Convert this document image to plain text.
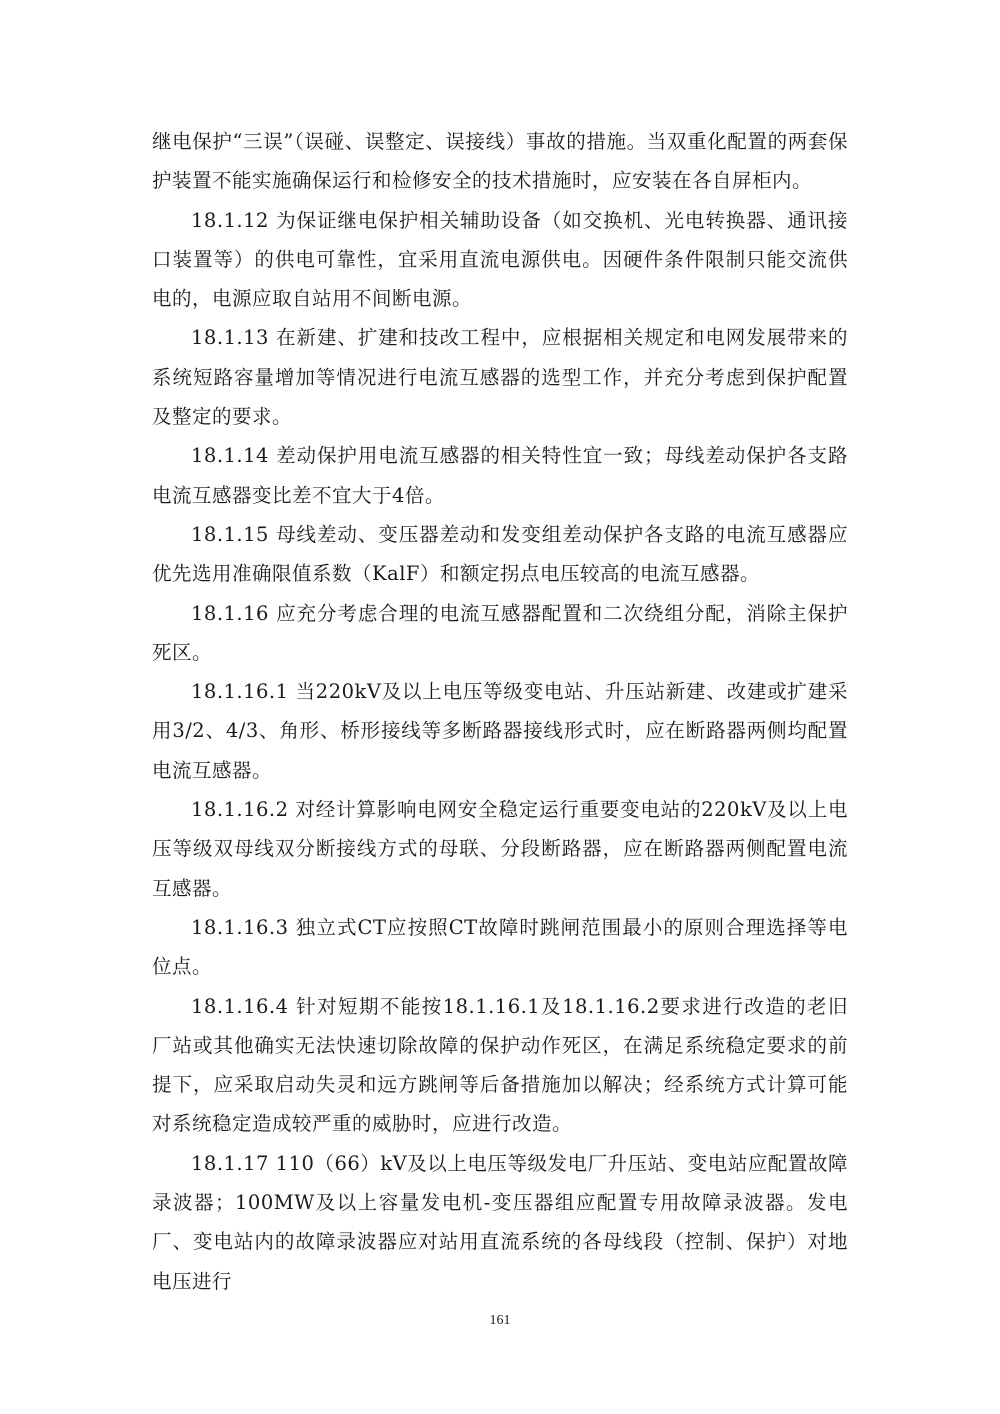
继电保护“三误”（误碰、误整定、误接线）事故的措施。当双重化配置的两套保护装置不能实施确保运行和检修安全的技术措施时，应安装在各自屏柜内。

18.1.12 为保证继电保护相关辅助设备（如交换机、光电转换器、通讯接口装置等）的供电可靠性，宜采用直流电源供电。因硬件条件限制只能交流供电的，电源应取自站用不间断电源。

18.1.13 在新建、扩建和技改工程中，应根据相关规定和电网发展带来的系统短路容量增加等情况进行电流互感器的选型工作，并充分考虑到保护配置及整定的要求。

18.1.14 差动保护用电流互感器的相关特性宜一致；母线差动保护各支路电流互感器变比差不宜大于4倍。

18.1.15 母线差动、变压器差动和发变组差动保护各支路的电流互感器应优先选用准确限值系数（KalF）和额定拐点电压较高的电流互感器。

18.1.16 应充分考虑合理的电流互感器配置和二次绕组分配，消除主保护死区。

18.1.16.1 当220kV及以上电压等级变电站、升压站新建、改建或扩建采用3/2、4/3、角形、桥形接线等多断路器接线形式时，应在断路器两侧均配置电流互感器。

18.1.16.2 对经计算影响电网安全稳定运行重要变电站的220kV及以上电压等级双母线双分断接线方式的母联、分段断路器，应在断路器两侧配置电流互感器。

18.1.16.3 独立式CT应按照CT故障时跳闸范围最小的原则合理选择等电位点。

18.1.16.4 针对短期不能按18.1.16.1及18.1.16.2要求进行改造的老旧厂站或其他确实无法快速切除故障的保护动作死区，在满足系统稳定要求的前提下，应采取启动失灵和远方跳闸等后备措施加以解决；经系统方式计算可能对系统稳定造成较严重的威胁时，应进行改造。

18.1.17 110（66）kV及以上电压等级发电厂升压站、变电站应配置故障录波器；100MW及以上容量发电机-变压器组应配置专用故障录波器。发电厂、变电站内的故障录波器应对站用直流系统的各母线段（控制、保护）对地电压进行

161
